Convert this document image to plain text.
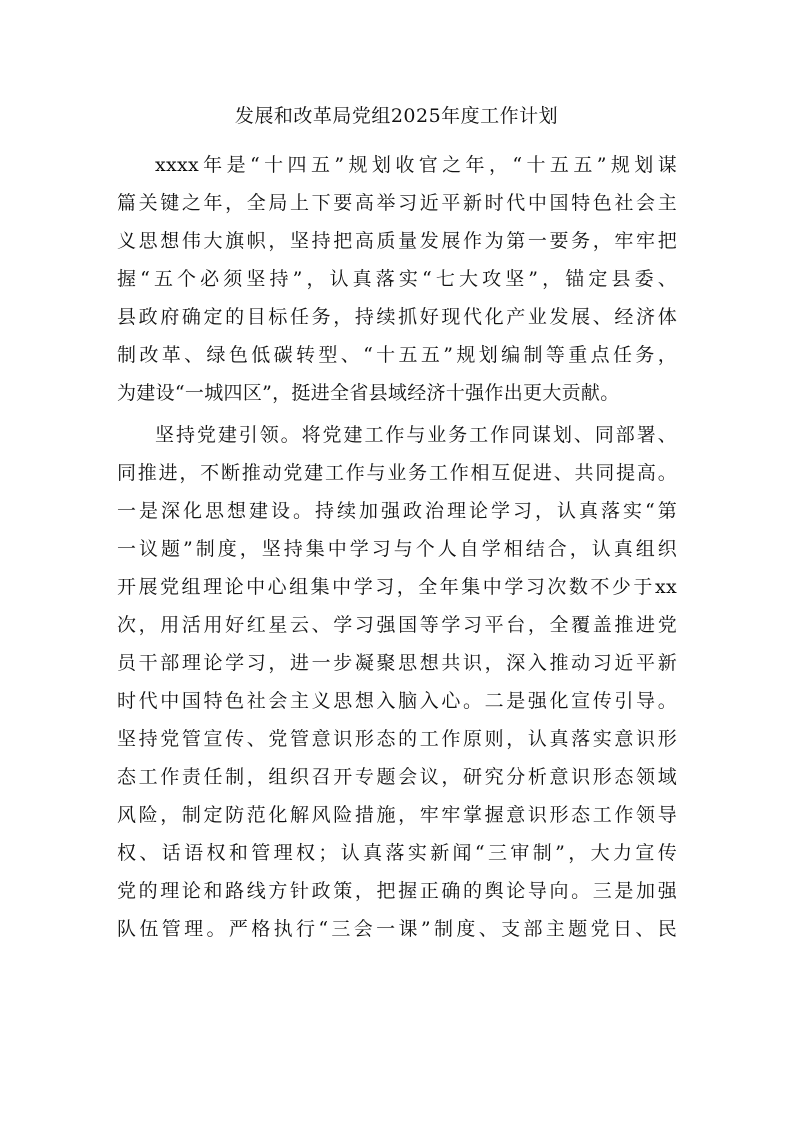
发展和改革局党组2025年度工作计划
xxxx年是“十四五”规划收官之年，“十五五”规划谋
篇关键之年，全局上下要高举习近平新时代中国特色社会主
义思想伟大旗帜，坚持把高质量发展作为第一要务，牢牢把
握“五个必须坚持”，认真落实“七大攻坚”，锚定县委、
县政府确定的目标任务，持续抓好现代化产业发展、经济体
制改革、绿色低碳转型、“十五五”规划编制等重点任务，
为建设“一城四区”，挺进全省县域经济十强作出更大贡献。
坚持党建引领。将党建工作与业务工作同谋划、同部署、
同推进，不断推动党建工作与业务工作相互促进、共同提高。
一是深化思想建设。持续加强政治理论学习，认真落实“第
一议题”制度，坚持集中学习与个人自学相结合，认真组织
开展党组理论中心组集中学习，全年集中学习次数不少于xx
次，用活用好红星云、学习强国等学习平台，全覆盖推进党
员干部理论学习，进一步凝聚思想共识，深入推动习近平新
时代中国特色社会主义思想入脑入心。二是强化宣传引导。
坚持党管宣传、党管意识形态的工作原则，认真落实意识形
态工作责任制，组织召开专题会议，研究分析意识形态领域
风险，制定防范化解风险措施，牢牢掌握意识形态工作领导
权、话语权和管理权；认真落实新闻“三审制”，大力宣传
党的理论和路线方针政策，把握正确的舆论导向。三是加强
队伍管理。严格执行“三会一课”制度、支部主题党日、民
